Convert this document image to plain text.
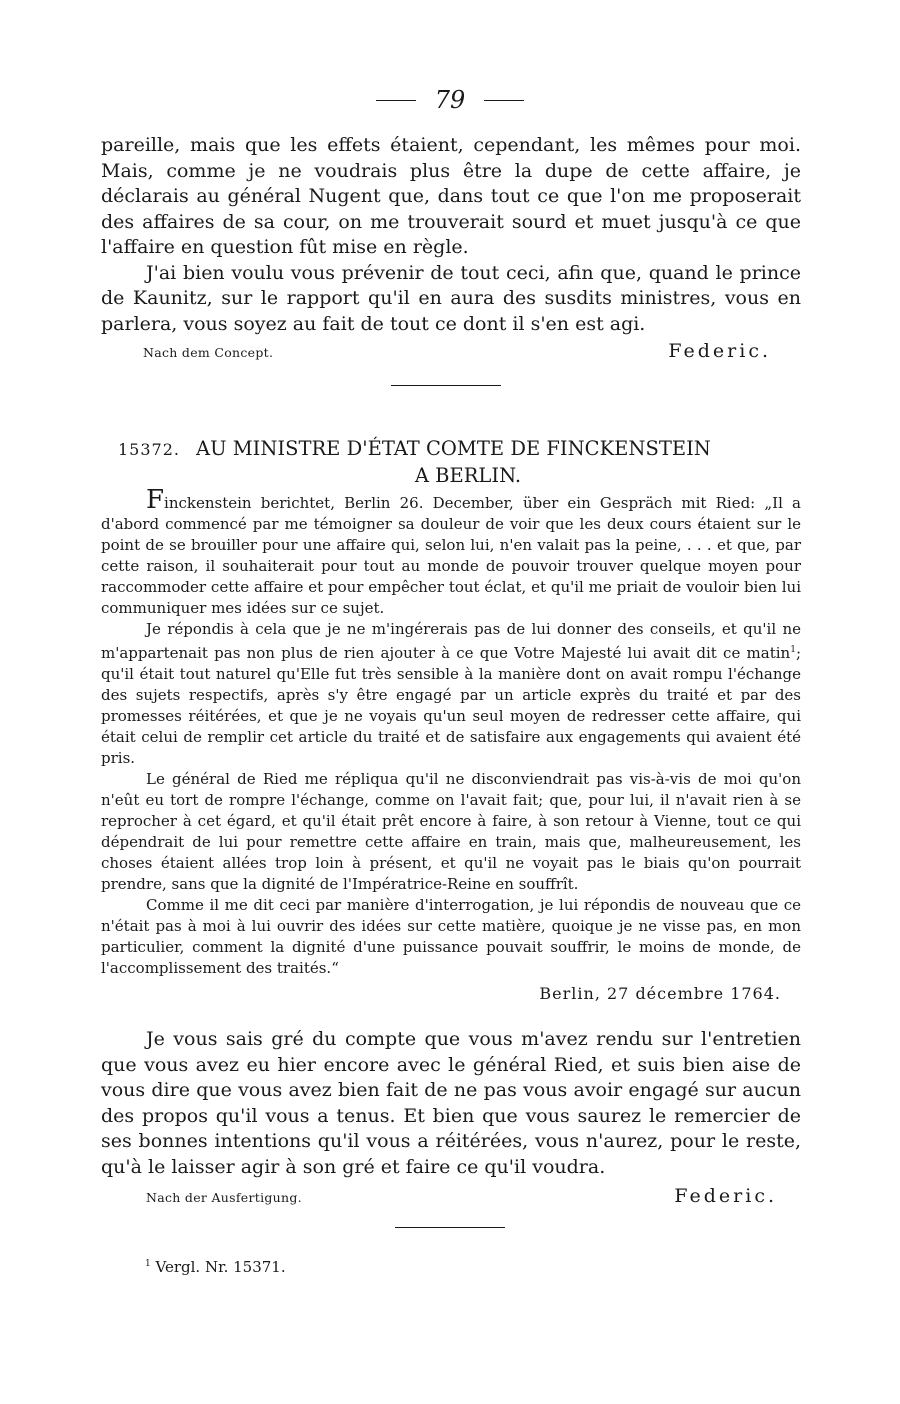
79

pareille, mais que les effets étaient, cependant, les mêmes pour moi. Mais, comme je ne voudrais plus être la dupe de cette affaire, je déclarais au général Nugent que, dans tout ce que l'on me proposerait des affaires de sa cour, on me trouverait sourd et muet jusqu'à ce que l'affaire en question fût mise en règle.

J'ai bien voulu vous prévenir de tout ceci, afin que, quand le prince de Kaunitz, sur le rapport qu'il en aura des susdits ministres, vous en parlera, vous soyez au fait de tout ce dont il s'en est agi.

Nach dem Concept.	Federic.
15372. AU MINISTRE D'ÉTAT COMTE DE FINCKENSTEIN
A BERLIN.

Finckenstein berichtet, Berlin 26. December, über ein Gespräch mit Ried: „Il a d'abord commencé par me témoigner sa douleur de voir que les deux cours étaient sur le point de se brouiller pour une affaire qui, selon lui, n'en valait pas la peine, . . . et que, par cette raison, il souhaiterait pour tout au monde de pouvoir trouver quelque moyen pour raccommoder cette affaire et pour empêcher tout éclat, et qu'il me priait de vouloir bien lui communiquer mes idées sur ce sujet.

Je répondis à cela que je ne m'ingérerais pas de lui donner des conseils, et qu'il ne m'appartenait pas non plus de rien ajouter à ce que Votre Majesté lui avait dit ce matin$^1$; qu'il était tout naturel qu'Elle fut très sensible à la manière dont on avait rompu l'échange des sujets respectifs, après s'y être engagé par un article exprès du traité et par des promesses réitérées, et que je ne voyais qu'un seul moyen de redresser cette affaire, qui était celui de remplir cet article du traité et de satisfaire aux engagements qui avaient été pris.

Le général de Ried me répliqua qu'il ne disconviendrait pas vis-à-vis de moi qu'on n'eût eu tort de rompre l'échange, comme on l'avait fait; que, pour lui, il n'avait rien à se reprocher à cet égard, et qu'il était prêt encore à faire, à son retour à Vienne, tout ce qui dépendrait de lui pour remettre cette affaire en train, mais que, malheureusement, les choses étaient allées trop loin à présent, et qu'il ne voyait pas le biais qu'on pourrait prendre, sans que la dignité de l'Impératrice-Reine en souffrît.

Comme il me dit ceci par manière d'interrogation, je lui répondis de nouveau que ce n'était pas à moi à lui ouvrir des idées sur cette matière, quoique je ne visse pas, en mon particulier, comment la dignité d'une puissance pouvait souffrir, le moins de monde, de l'accomplissement des traités.“

Berlin, 27 décembre 1764.

Je vous sais gré du compte que vous m'avez rendu sur l'entretien que vous avez eu hier encore avec le général Ried, et suis bien aise de vous dire que vous avez bien fait de ne pas vous avoir engagé sur aucun des propos qu'il vous a tenus. Et bien que vous saurez le remercier de ses bonnes intentions qu'il vous a réitérées, vous n'aurez, pour le reste, qu'à le laisser agir à son gré et faire ce qu'il voudra.

Nach der Ausfertigung.	Federic.
$^1$ Vergl. Nr. 15371.
